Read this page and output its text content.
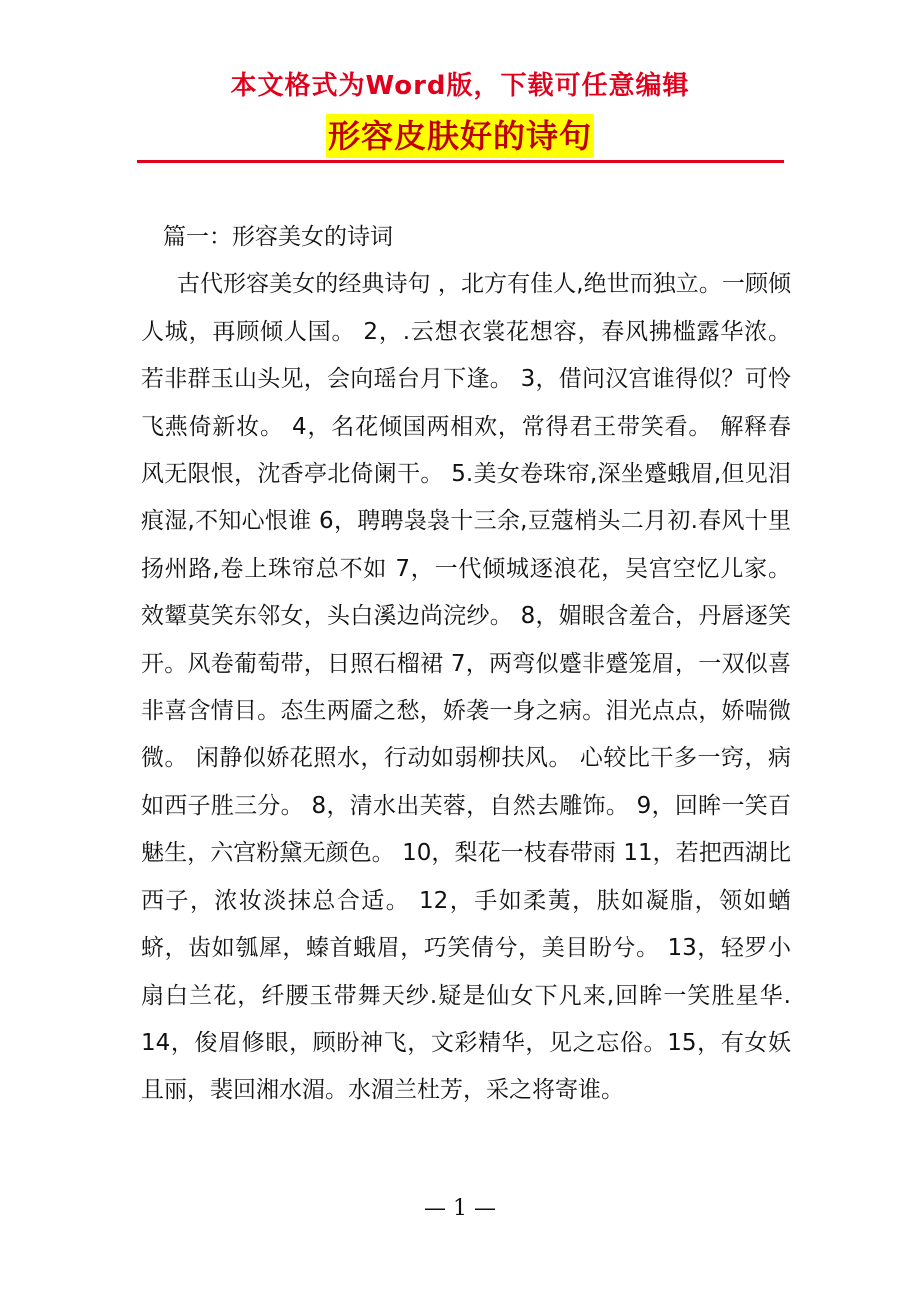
本文格式为Word版，下载可任意编辑
形容皮肤好的诗句
篇一：形容美女的诗词

古代形容美女的经典诗句 ，北方有佳人,绝世而独立。一顾倾人城，再顾倾人国。 2，.云想衣裳花想容，春风拂槛露华浓。 若非群玉山头见，会向瑶台月下逢。 3，借问汉宫谁得似？可怜飞燕倚新妆。 4，名花倾国两相欢，常得君王带笑看。 解释春风无限恨，沈香亭北倚阑干。 5.美女卷珠帘,深坐蹙蛾眉,但见泪痕湿,不知心恨谁 6，聘聘袅袅十三余,豆蔻梢头二月初.春风十里扬州路,卷上珠帘总不如 7，一代倾城逐浪花，吴宫空忆儿家。效颦莫笑东邻女，头白溪边尚浣纱。 8，媚眼含羞合，丹唇逐笑开。风卷葡萄带，日照石榴裙 7，两弯似蹙非蹙笼眉，一双似喜非喜含情目。态生两靥之愁，娇袭一身之病。泪光点点，娇喘微微。 闲静似娇花照水，行动如弱柳扶风。 心较比干多一窍，病如西子胜三分。 8，清水出芙蓉，自然去雕饰。 9，回眸一笑百魅生，六宫粉黛无颜色。 10，梨花一枝春带雨 11，若把西湖比西子，浓妆淡抹总合适。 12，手如柔荑，肤如凝脂，领如蝤蛴，齿如瓠犀，螓首蛾眉，巧笑倩兮，美目盼兮。 13，轻罗小扇白兰花，纤腰玉带舞天纱.疑是仙女下凡来,回眸一笑胜星华. 14，俊眉修眼，顾盼神飞，文彩精华，见之忘俗。15，有女妖且丽，裴回湘水湄。水湄兰杜芳，采之将寄谁。

— 1 —
